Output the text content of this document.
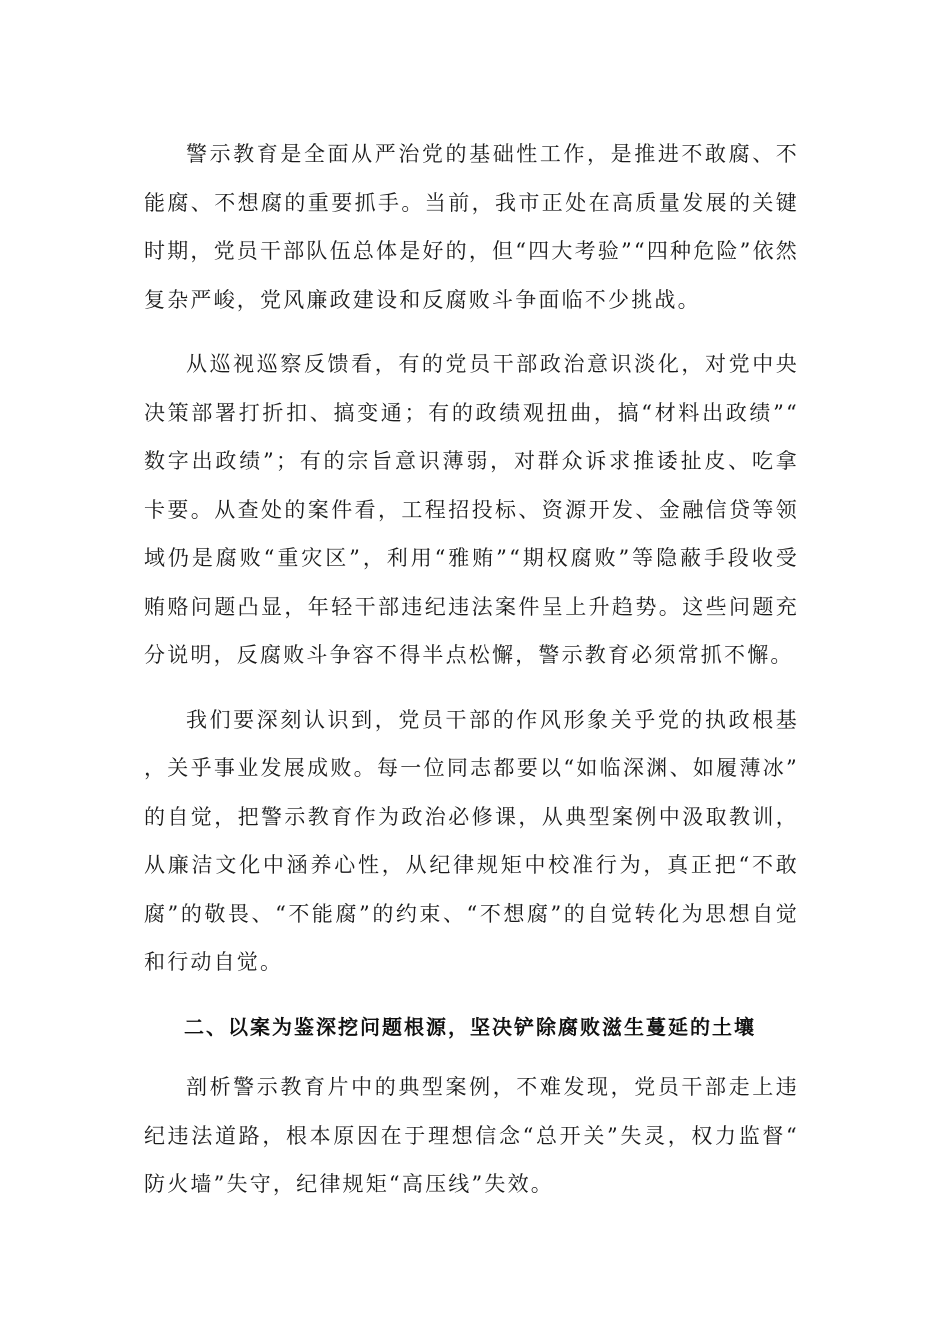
警示教育是全面从严治党的基础性工作，是推进不敢腐、不能腐、不想腐的重要抓手。当前，我市正处在高质量发展的关键时期，党员干部队伍总体是好的，但“四大考验”“四种危险”依然复杂严峻，党风廉政建设和反腐败斗争面临不少挑战。

从巡视巡察反馈看，有的党员干部政治意识淡化，对党中央决策部署打折扣、搞变通；有的政绩观扭曲，搞“材料出政绩”“数字出政绩”；有的宗旨意识薄弱，对群众诉求推诿扯皮、吃拿卡要。从查处的案件看，工程招投标、资源开发、金融信贷等领域仍是腐败“重灾区”，利用“雅贿”“期权腐败”等隐蔽手段收受贿赂问题凸显，年轻干部违纪违法案件呈上升趋势。这些问题充分说明，反腐败斗争容不得半点松懈，警示教育必须常抓不懈。

我们要深刻认识到，党员干部的作风形象关乎党的执政根基，关乎事业发展成败。每一位同志都要以“如临深渊、如履薄冰”的自觉，把警示教育作为政治必修课，从典型案例中汲取教训，从廉洁文化中涵养心性，从纪律规矩中校准行为，真正把“不敢腐”的敬畏、“不能腐”的约束、“不想腐”的自觉转化为思想自觉和行动自觉。

二、以案为鉴深挖问题根源，坚决铲除腐败滋生蔓延的土壤

剖析警示教育片中的典型案例，不难发现，党员干部走上违纪违法道路，根本原因在于理想信念“总开关”失灵，权力监督“防火墙”失守，纪律规矩“高压线”失效。
